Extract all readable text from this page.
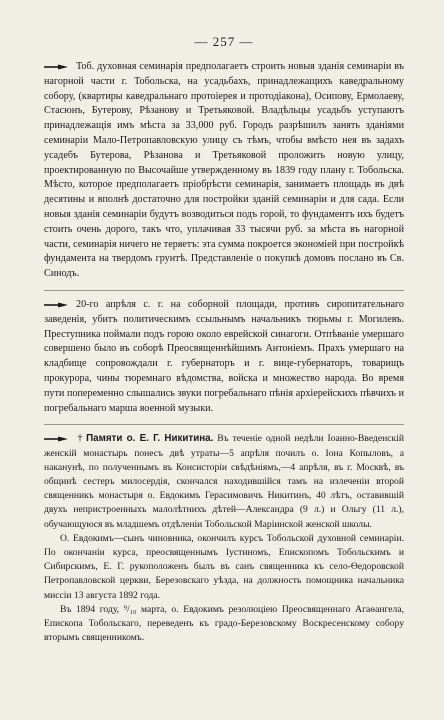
— 257 —

Тоб. духовная семинарія предполагаетъ строить новыя зданія семинаріи въ нагорной части г. Тобольска, на усадьбахъ, принадлежащихъ каведральному собору, (квартиры каведральнаго протоіерея и протодіакона), Осипову, Ермолаеву, Стасюнъ, Бутерову, Рѣзанову и Третьяковой. Владѣльцы усадьбъ уступаютъ принадлежащія имъ мѣста за 33,000 руб. Городъ разрѣшилъ занять зданіями семинаріи Мало-Петропавловскую улицу съ тѣмъ, чтобы вмѣсто нея въ задахъ усадебъ Бутерова, Рѣзанова и Третьяковой проложить новую улицу, проектированную по Высочайше утвержденному въ 1839 году плану г. Тобольска. Мѣсто, которое предполагаетъ пріобрѣсти семинарія, занимаетъ площадь въ двѣ десятины и вполнѣ достаточно для постройки зданій семинаріи и для сада. Если новыя зданія семинаріи будутъ возводиться подъ горой, то фундаментъ ихъ будетъ стоить очень дорого, такъ что, уплачивая 33 тысячи руб. за мѣста въ нагорной части, семинарія ничего не теряетъ: эта сумма покроется экономіей при постройкѣ фундамента на твердомъ грунтѣ. Представленіе о покупкѣ домовъ послано въ Св. Синодъ.

20-го апрѣля с. г. на соборной площади, противъ сиропитательнаго заведенія, убитъ политическимъ ссыльнымъ начальникъ тюрьмы г. Могилевъ. Преступника поймали подъ горою около еврейской синагоги. Отпѣваніе умершаго совершено было въ соборѣ Преосвященнѣйшимъ Антоніемъ. Прахъ умершаго на кладбище сопровождали г. губернаторъ и г. вице-губернаторъ, товарищъ прокурора, чины тюремнаго вѣдомства, войска и множество народа. Во время пути попеременно слышались звуки погребальнаго пѣнія архіерейскихъ пѣвчихъ и погребальнаго марша военной музыки.

† Памяти о. Е. Г. Никитина. Въ теченіе одной недѣли Іоанно-Введенскій женскій монастырь понесъ двѣ утраты—5 апрѣля почилъ о. Іона Копыловъ, а наканунѣ, по полученнымъ въ Консисторіи свѣдѣніямъ,—4 апрѣля, въ г. Москвѣ, въ общинѣ сестеръ милосердія, скончался находившійся тамъ на излеченіи второй священникъ монастыря о. Евдокимъ Герасимовичъ Никитинъ, 40 лѣтъ, оставившій двухъ непристроенныхъ малолѣтнихъ дѣтей—Александра (9 л.) и Ольгу (11 л.), обучающуюся въ младшемъ отдѣленіи Тобольской Маріинской женской школы.

О. Евдокимъ—сынъ чиновника, окончилъ курсъ Тобольской духовной семинаріи. По окончаніи курса, преосвященнымъ Іустиномъ, Епископомъ Тобольскимъ и Сибирскимъ, Е. Г. рукоположенъ былъ въ санъ священника къ село-Өедоровской Петропавловской церкви, Березовскаго уѣзда, на должность помощника начальника миссіи 13 августа 1892 года.

Въ 1894 году, ⁹/₁₀ марта, о. Евдокимъ резолюціею Преосвященнаго Агаѳангела, Епископа Тобольскаго, переведенъ къ градо-Березовскому Воскресенскому собору вторымъ священникомъ.
